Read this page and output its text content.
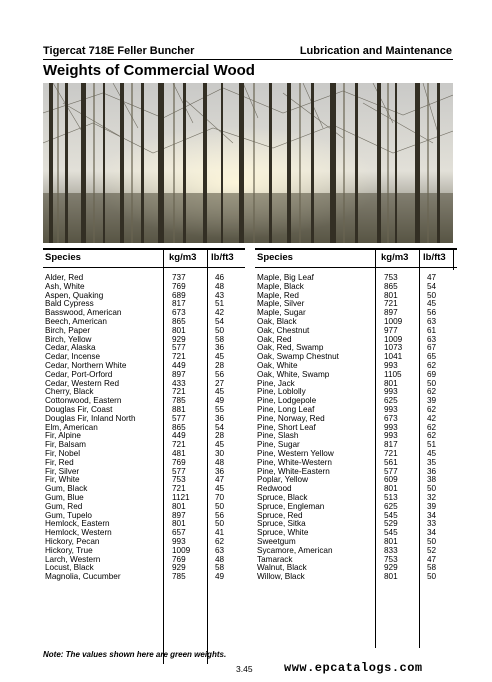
Tigercat 718E Feller Buncher	Lubrication and Maintenance
Weights of Commercial Wood
Species	kg/m3 lb/ft3
Alder, Red	737	46
Ash, White	769	48
Aspen, Quaking	689	43
Bald Cypress	817	51
Basswood, American	673	42
Beech, American	865	54
Birch, Paper	801	50
Birch, Yellow	929	58
Cedar, Alaska	577	36
Cedar, Incense	721	45
Cedar, Northern White	449	28
Cedar, Port-Orford	897	56
Cedar, Western Red	433	27
Cherry, Black	721	45
Cottonwood, Eastern	785	49
Douglas Fir, Coast	881	55
Douglas Fir, Inland North	577	36
Elm, American	865	54
Fir, Alpine	449	28
Fir, Balsam	721	45
Fir, Nobel	481	30
Fir, Red	769	48
Fir, Silver	577	36
Fir, White	753	47
Gum, Black	721	45
Gum, Blue	1121	70
Gum, Red	801	50
Gum, Tupelo	897	56
Hemlock, Eastern	801	50
Hemlock, Western	657	41
Hickory, Pecan	993	62
Hickory, True	1009	63
Larch, Western	769	48
Locust, Black	929	58
Magnolia, Cucumber	785	49
Species	kg/m3 lb/ft3
Maple, Big Leaf	753	47
Maple, Black	865	54
Maple, Red	801	50
Maple, Silver	721	45
Maple, Sugar	897	56
Oak, Black	1009	63
Oak, Chestnut	977	61
Oak, Red	1009	63
Oak, Red, Swamp	1073	67
Oak, Swamp Chestnut	1041	65
Oak, White	993	62
Oak, White, Swamp	1105	69
Pine, Jack	801	50
Pine, Loblolly	993	62
Pine, Lodgepole	625	39
Pine, Long Leaf	993	62
Pine, Norway, Red	673	42
Pine, Short Leaf	993	62
Pine, Slash	993	62
Pine, Sugar	817	51
Pine, Western Yellow	721	45
Pine, White-Western	561	35
Pine, White-Eastern	577	36
Poplar, Yellow	609	38
Redwood	801	50
Spruce, Black	513	32
Spruce, Engleman	625	39
Spruce, Red	545	34
Spruce, Sitka	529	33
Spruce, White	545	34
Sweetgum	801	50
Sycamore, American	833	52
Tamarack	753	47
Walnut, Black	929	58
Willow, Black	801	50
Note: The values shown here are green weights.
3.45	www.epcatalogs.com
